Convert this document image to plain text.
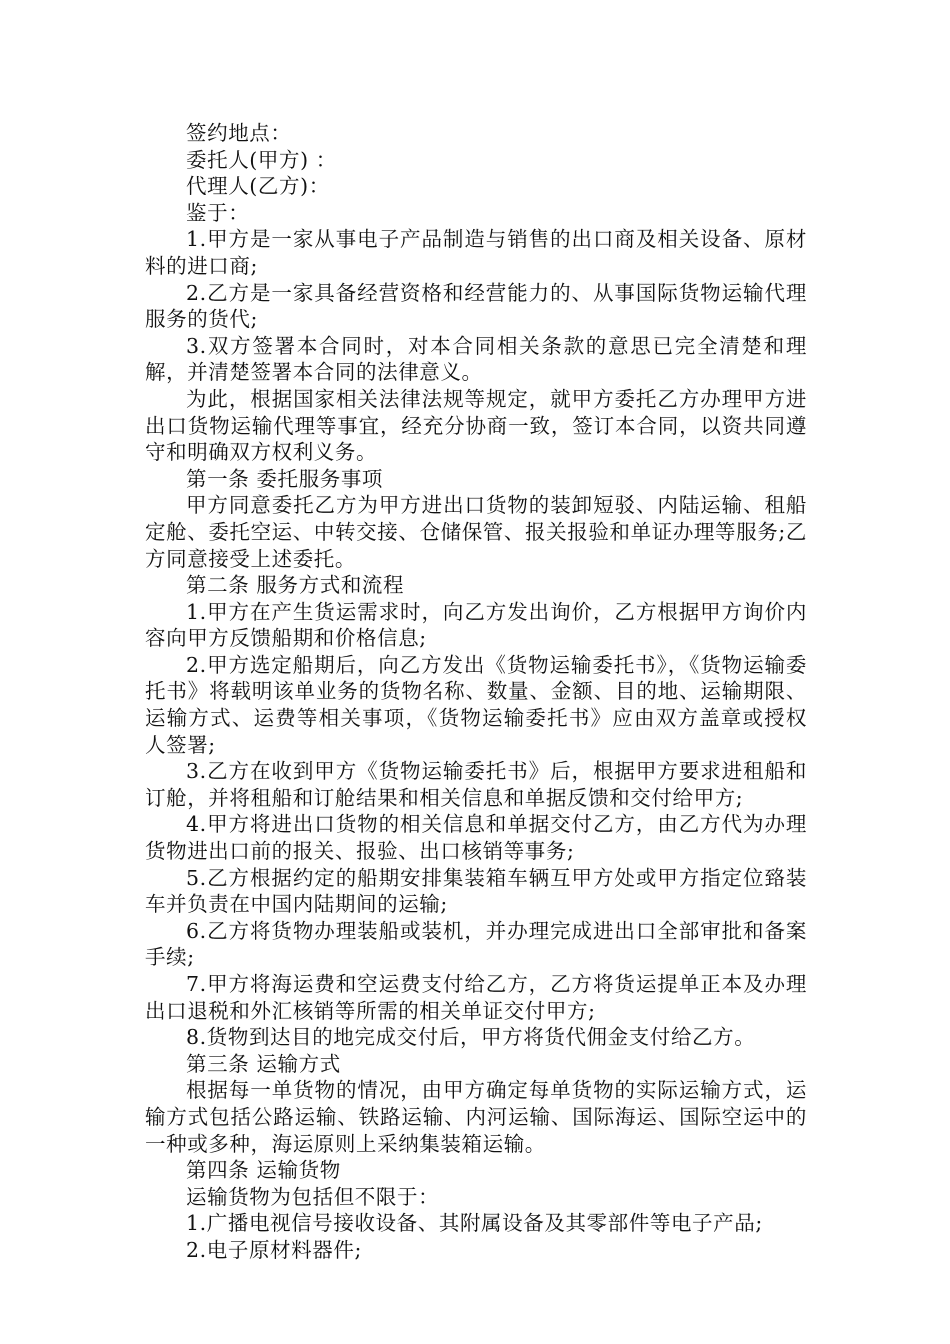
签约地点：

委托人(甲方) ：

代理人(乙方)：

鉴于：

1.甲方是一家从事电子产品制造与销售的出口商及相关设备、原材料的进口商;

2.乙方是一家具备经营资格和经营能力的、从事国际货物运输代理服务的货代;

3.双方签署本合同时，对本合同相关条款的意思已完全清楚和理解，并清楚签署本合同的法律意义。

为此，根据国家相关法律法规等规定，就甲方委托乙方办理甲方进出口货物运输代理等事宜，经充分协商一致，签订本合同，以资共同遵守和明确双方权利义务。

第一条 委托服务事项

甲方同意委托乙方为甲方进出口货物的装卸短驳、内陆运输、租船定舱、委托空运、中转交接、仓储保管、报关报验和单证办理等服务;乙方同意接受上述委托。

第二条 服务方式和流程

1.甲方在产生货运需求时，向乙方发出询价，乙方根据甲方询价内容向甲方反馈船期和价格信息;

2.甲方选定船期后，向乙方发出《货物运输委托书》，《货物运输委托书》将载明该单业务的货物名称、数量、金额、目的地、运输期限、运输方式、运费等相关事项，《货物运输委托书》应由双方盖章或授权人签署;

3.乙方在收到甲方《货物运输委托书》后，根据甲方要求进租船和订舱，并将租船和订舱结果和相关信息和单据反馈和交付给甲方;

4.甲方将进出口货物的相关信息和单据交付乙方，由乙方代为办理货物进出口前的报关、报验、出口核销等事务;

5.乙方根据约定的船期安排集装箱车辆互甲方处或甲方指定位臵装车并负责在中国内陆期间的运输;

6.乙方将货物办理装船或装机，并办理完成进出口全部审批和备案手续;

7.甲方将海运费和空运费支付给乙方，乙方将货运提单正本及办理出口退税和外汇核销等所需的相关单证交付甲方;

8.货物到达目的地完成交付后，甲方将货代佣金支付给乙方。

第三条 运输方式

根据每一单货物的情况，由甲方确定每单货物的实际运输方式，运输方式包括公路运输、铁路运输、内河运输、国际海运、国际空运中的一种或多种，海运原则上采纳集装箱运输。

第四条 运输货物

运输货物为包括但不限于：

1.广播电视信号接收设备、其附属设备及其零部件等电子产品;

2.电子原材料器件;
